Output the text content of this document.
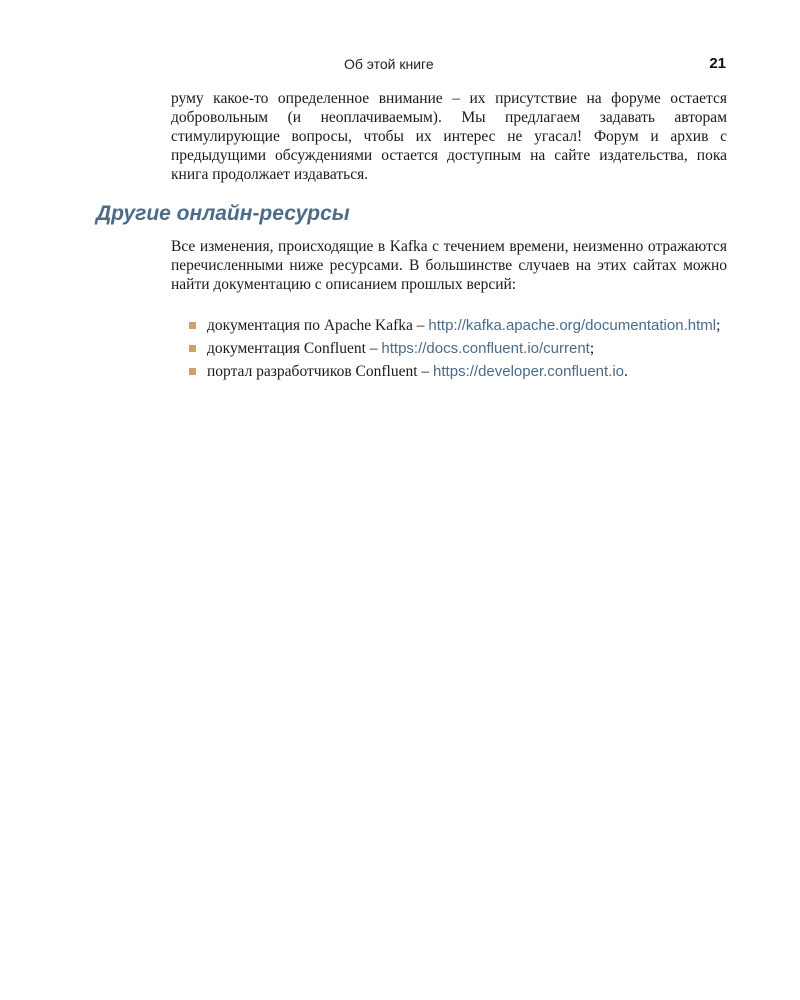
Об этой книге	21

руму какое-то определенное внимание – их присутствие на форуме остается добровольным (и неоплачиваемым). Мы предлагаем задавать авторам стимулирующие вопросы, чтобы их интерес не угасал! Форум и архив с предыдущими обсуждениями остается доступным на сайте издательства, пока книга продолжает издаваться.

Другие онлайн-ресурсы

Все изменения, происходящие в Kafka с течением времени, неизменно отражаются перечисленными ниже ресурсами. В большинстве случаев на этих сайтах можно найти документацию с описанием прошлых версий:

документация по Apache Kafka – http://kafka.apache.org/documentation.html;
документация Confluent – https://docs.confluent.io/current;
портал разработчиков Confluent – https://developer.confluent.io.
